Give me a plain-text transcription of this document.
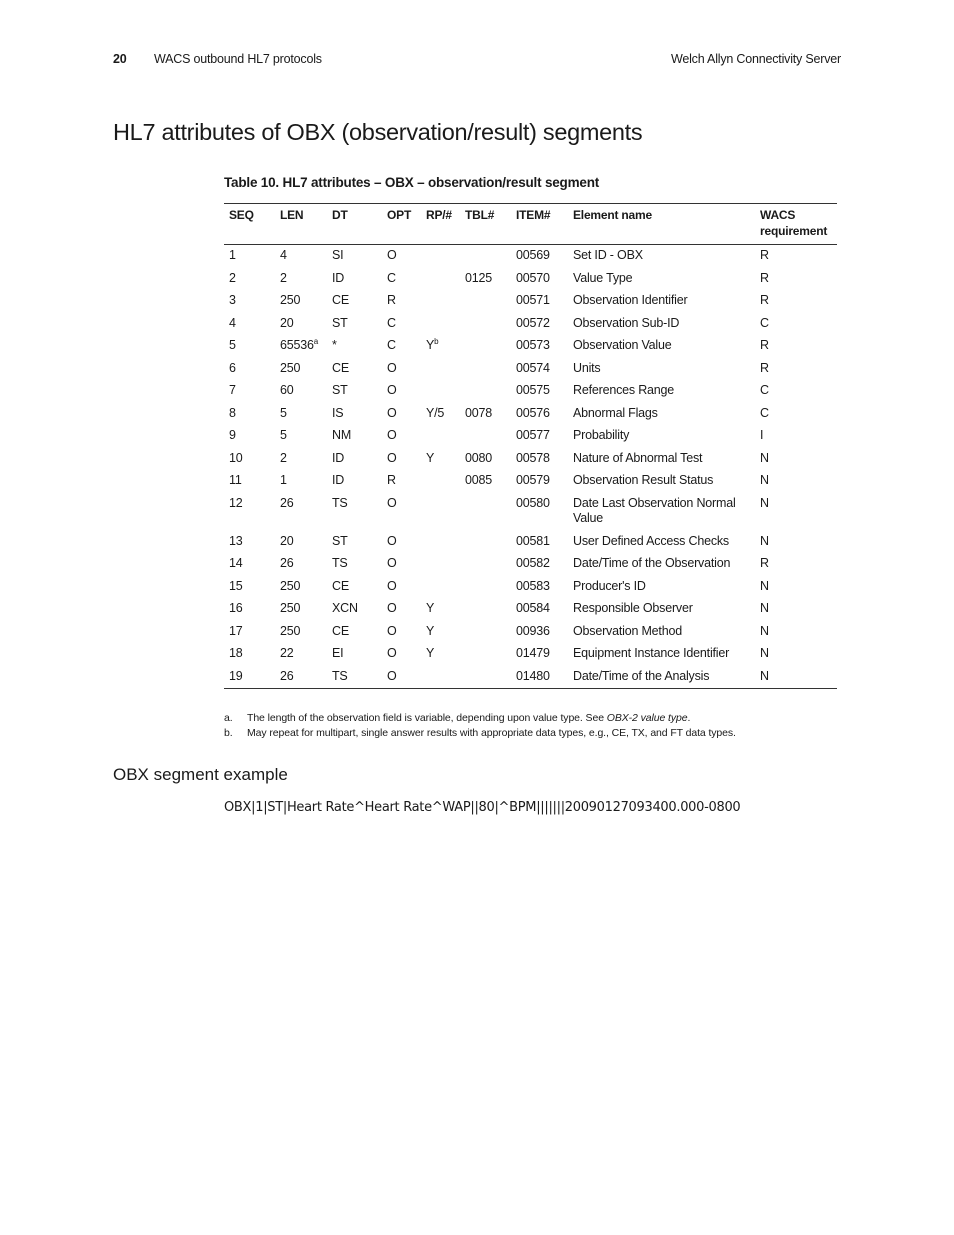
20 WACS outbound HL7 protocols	Welch Allyn Connectivity Server
HL7 attributes of OBX (observation/result) segments
Table 10. HL7 attributes – OBX – observation/result segment
SEQ	LEN	DT	OPT	RP/#	TBL#	ITEM#	Element name	WACS requirement
1	4	SI	O			00569	Set ID - OBX	R
2	2	ID	C		0125	00570	Value Type	R
3	250	CE	R			00571	Observation Identifier	R
4	20	ST	C			00572	Observation Sub-ID	C
5	65536$^a$	*	C	$Y^b$		00573	Observation Value	R
6	250	CE	O			00574	Units	R
7	60	ST	O			00575	References Range	C
8	5	IS	O	Y/5	0078	00576	Abnormal Flags	C
9	5	NM	O			00577	Probability	I
10	2	ID	O	Y	0080	00578	Nature of Abnormal Test	N
11	1	ID	R		0085	00579	Observation Result Status	N
12	26	TS	O			00580	Date Last Observation Normal Value	N
13	20	ST	O			00581	User Defined Access Checks	N
14	26	TS	O			00582	Date/Time of the Observation	R
15	250	CE	O			00583	Producer's ID	N
16	250	XCN	O	Y		00584	Responsible Observer	N
17	250	CE	O	Y		00936	Observation Method	N
18	22	EI	O	Y		01479	Equipment Instance Identifier	N
19	26	TS	O			01480	Date/Time of the Analysis	N
a. The length of the observation field is variable, depending upon value type. See OBX-2 value type.
b. May repeat for multipart, single answer results with appropriate data types, e.g., CE, TX, and FT data types.
OBX segment example
OBX|1|ST|Heart Rate^Heart Rate^WAP||80|^BPM|||||||20090127093400.000-0800
